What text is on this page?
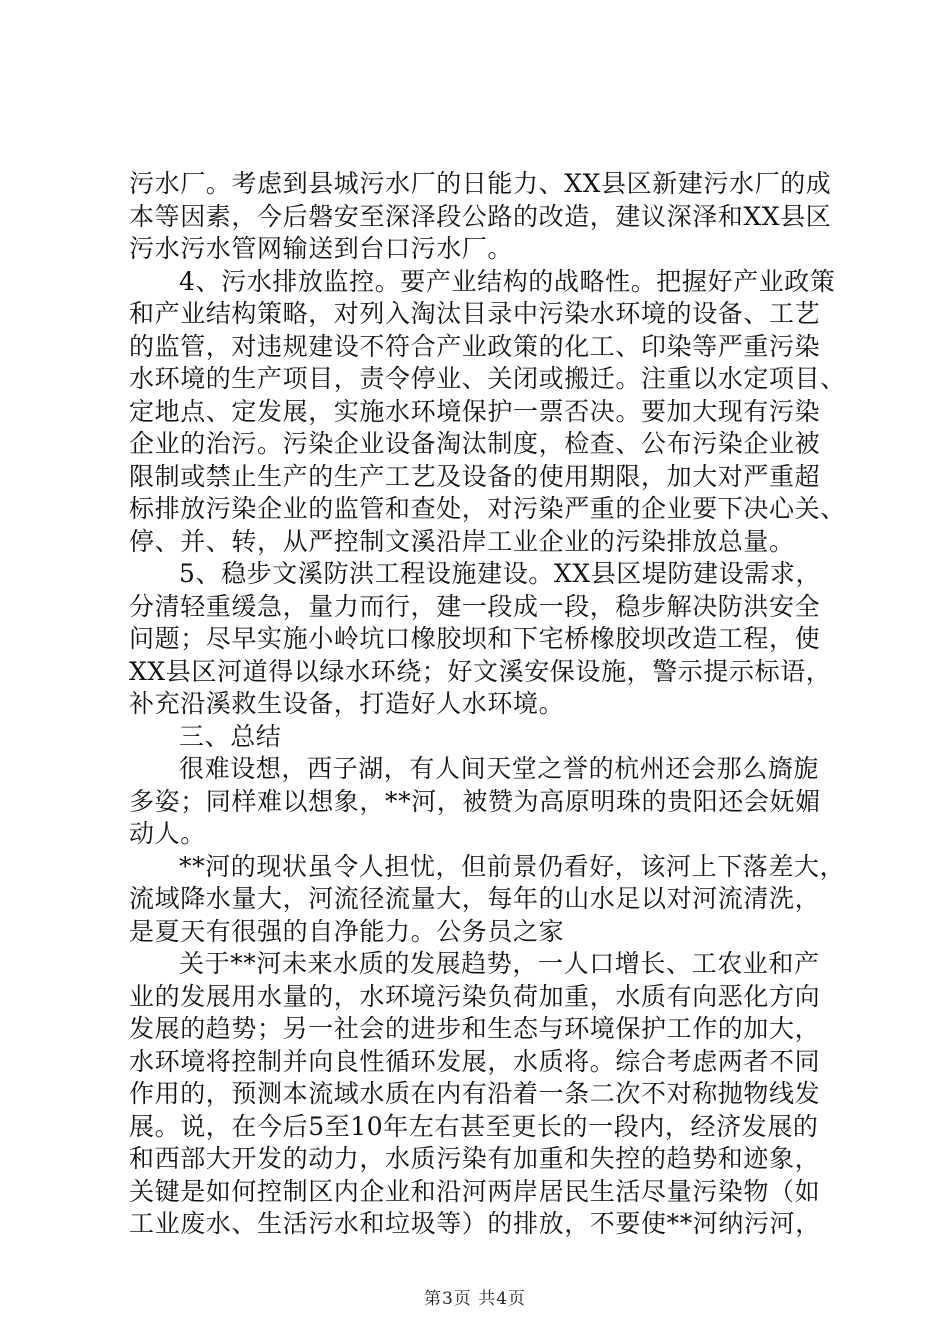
污水厂。考虑到县城污水厂的日能力、XX县区新建污水厂的成
本等因素，今后磐安至深泽段公路的改造，建议深泽和XX县区
污水污水管网输送到台口污水厂。
4、污水排放监控。要产业结构的战略性。把握好产业政策
和产业结构策略，对列入淘汰目录中污染水环境的设备、工艺
的监管，对违规建设不符合产业政策的化工、印染等严重污染
水环境的生产项目，责令停业、关闭或搬迁。注重以水定项目、
定地点、定发展，实施水环境保护一票否决。要加大现有污染
企业的治污。污染企业设备淘汰制度，检查、公布污染企业被
限制或禁止生产的生产工艺及设备的使用期限，加大对严重超
标排放污染企业的监管和查处，对污染严重的企业要下决心关、
停、并、转，从严控制文溪沿岸工业企业的污染排放总量。
5、稳步文溪防洪工程设施建设。XX县区堤防建设需求，
分清轻重缓急，量力而行，建一段成一段，稳步解决防洪安全
问题；尽早实施小岭坑口橡胶坝和下宅桥橡胶坝改造工程，使
XX县区河道得以绿水环绕；好文溪安保设施，警示提示标语，
补充沿溪救生设备，打造好人水环境。
三、总结
很难设想，西子湖，有人间天堂之誉的杭州还会那么旖旎
多姿；同样难以想象，**河，被赞为高原明珠的贵阳还会妩媚
动人。
**河的现状虽令人担忧，但前景仍看好，该河上下落差大，
流域降水量大，河流径流量大，每年的山水足以对河流清洗，
是夏天有很强的自净能力。公务员之家
关于**河未来水质的发展趋势，一人口增长、工农业和产
业的发展用水量的，水环境污染负荷加重，水质有向恶化方向
发展的趋势；另一社会的进步和生态与环境保护工作的加大，
水环境将控制并向良性循环发展，水质将。综合考虑两者不同
作用的，预测本流域水质在内有沿着一条二次不对称抛物线发
展。说，在今后5至10年左右甚至更长的一段内，经济发展的
和西部大开发的动力，水质污染有加重和失控的趋势和迹象，
关键是如何控制区内企业和沿河两岸居民生活尽量污染物（如
工业废水、生活污水和垃圾等）的排放，不要使**河纳污河，
第3页 共4页
